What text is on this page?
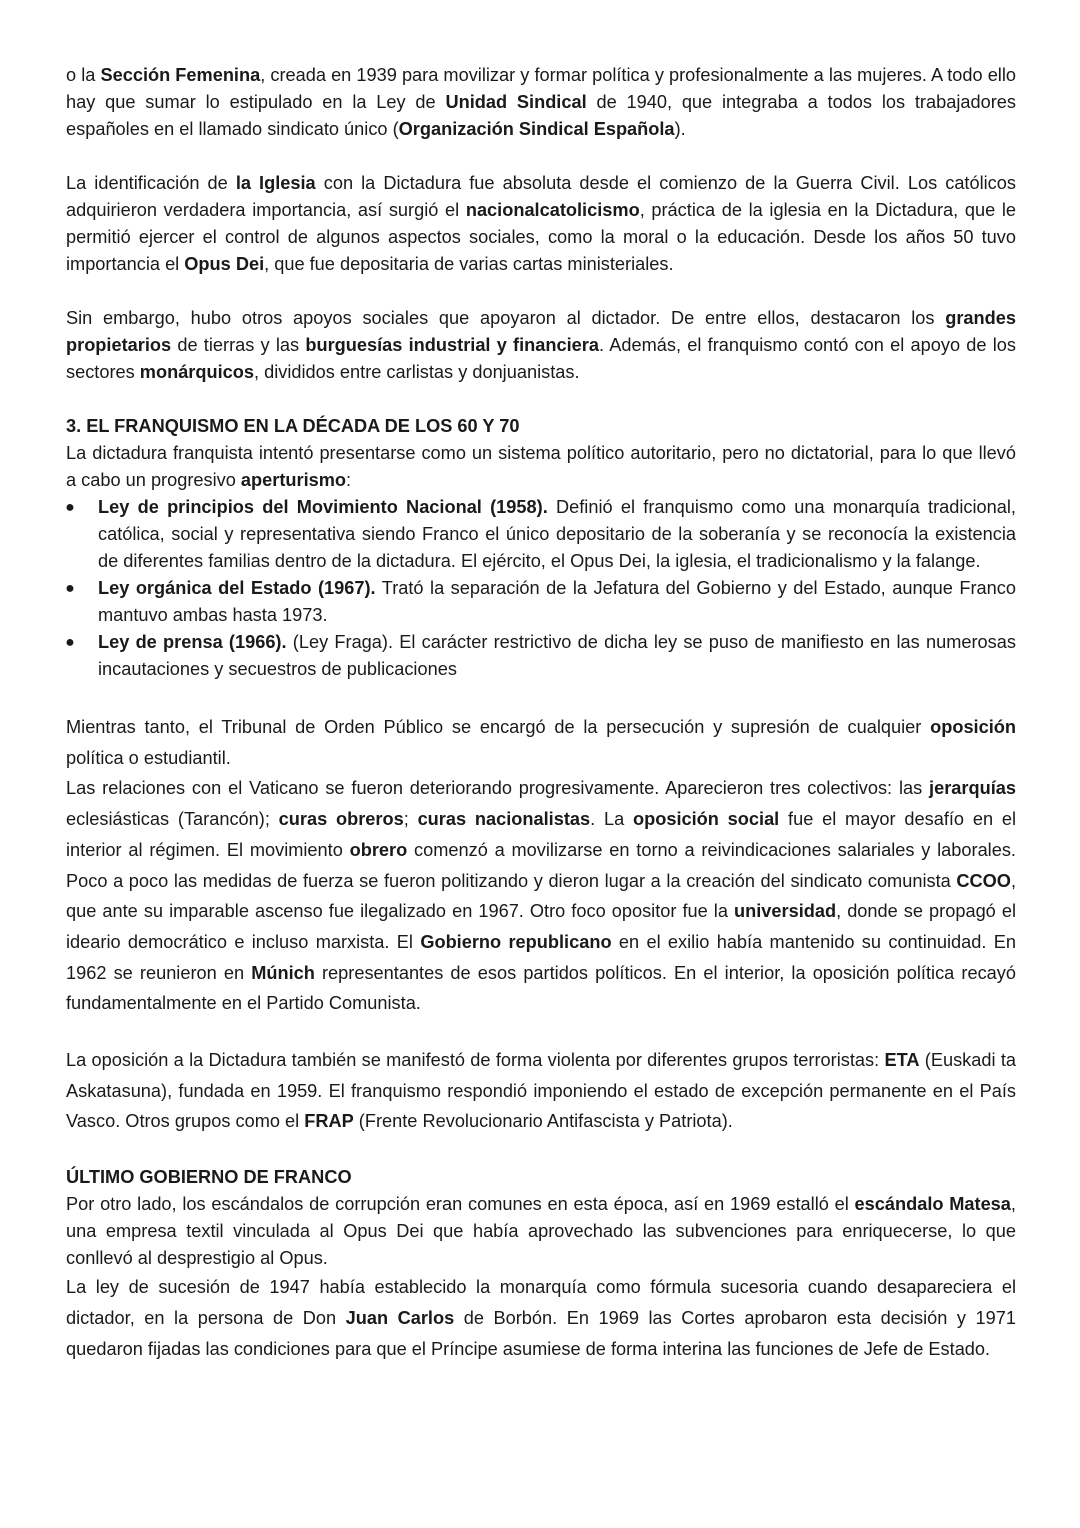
o la Sección Femenina, creada en 1939 para movilizar y formar política y profesionalmente a las mujeres. A todo ello hay que sumar lo estipulado en la Ley de Unidad Sindical de 1940, que integraba a todos los trabajadores españoles en el llamado sindicato único (Organización Sindical Española).

La identificación de la Iglesia con la Dictadura fue absoluta desde el comienzo de la Guerra Civil. Los católicos adquirieron verdadera importancia, así surgió el nacionalcatolicismo, práctica de la iglesia en la Dictadura, que le permitió ejercer el control de algunos aspectos sociales, como la moral o la educación. Desde los años 50 tuvo importancia el Opus Dei, que fue depositaria de varias cartas ministeriales.

Sin embargo, hubo otros apoyos sociales que apoyaron al dictador. De entre ellos, destacaron los grandes propietarios de tierras y las burguesías industrial y financiera. Además, el franquismo contó con el apoyo de los sectores monárquicos, divididos entre carlistas y donjuanistas.

3. EL FRANQUISMO EN LA DÉCADA DE LOS 60 Y 70

La dictadura franquista intentó presentarse como un sistema político autoritario, pero no dictatorial, para lo que llevó a cabo un progresivo aperturismo:

● Ley de principios del Movimiento Nacional (1958). Definió el franquismo como una monarquía tradicional, católica, social y representativa siendo Franco el único depositario de la soberanía y se reconocía la existencia de diferentes familias dentro de la dictadura. El ejército, el Opus Dei, la iglesia, el tradicionalismo y la falange.
● Ley orgánica del Estado (1967). Trató la separación de la Jefatura del Gobierno y del Estado, aunque Franco mantuvo ambas hasta 1973.
● Ley de prensa (1966). (Ley Fraga). El carácter restrictivo de dicha ley se puso de manifiesto en las numerosas incautaciones y secuestros de publicaciones

Mientras tanto, el Tribunal de Orden Público se encargó de la persecución y supresión de cualquier oposición política o estudiantil.

Las relaciones con el Vaticano se fueron deteriorando progresivamente. Aparecieron tres colectivos: las jerarquías eclesiásticas (Tarancón); curas obreros; curas nacionalistas. La oposición social fue el mayor desafío en el interior al régimen. El movimiento obrero comenzó a movilizarse en torno a reivindicaciones salariales y laborales. Poco a poco las medidas de fuerza se fueron politizando y dieron lugar a la creación del sindicato comunista CCOO, que ante su imparable ascenso fue ilegalizado en 1967. Otro foco opositor fue la universidad, donde se propagó el ideario democrático e incluso marxista. El Gobierno republicano en el exilio había mantenido su continuidad. En 1962 se reunieron en Múnich representantes de esos partidos políticos. En el interior, la oposición política recayó fundamentalmente en el Partido Comunista.

La oposición a la Dictadura también se manifestó de forma violenta por diferentes grupos terroristas: ETA (Euskadi ta Askatasuna), fundada en 1959. El franquismo respondió imponiendo el estado de excepción permanente en el País Vasco. Otros grupos como el FRAP (Frente Revolucionario Antifascista y Patriota).

ÚLTIMO GOBIERNO DE FRANCO

Por otro lado, los escándalos de corrupción eran comunes en esta época, así en 1969 estalló el escándalo Matesa, una empresa textil vinculada al Opus Dei que había aprovechado las subvenciones para enriquecerse, lo que conllevó al desprestigio al Opus.

La ley de sucesión de 1947 había establecido la monarquía como fórmula sucesoria cuando desapareciera el dictador, en la persona de Don Juan Carlos de Borbón. En 1969 las Cortes aprobaron esta decisión y 1971 quedaron fijadas las condiciones para que el Príncipe asumiese de forma interina las funciones de Jefe de Estado.
